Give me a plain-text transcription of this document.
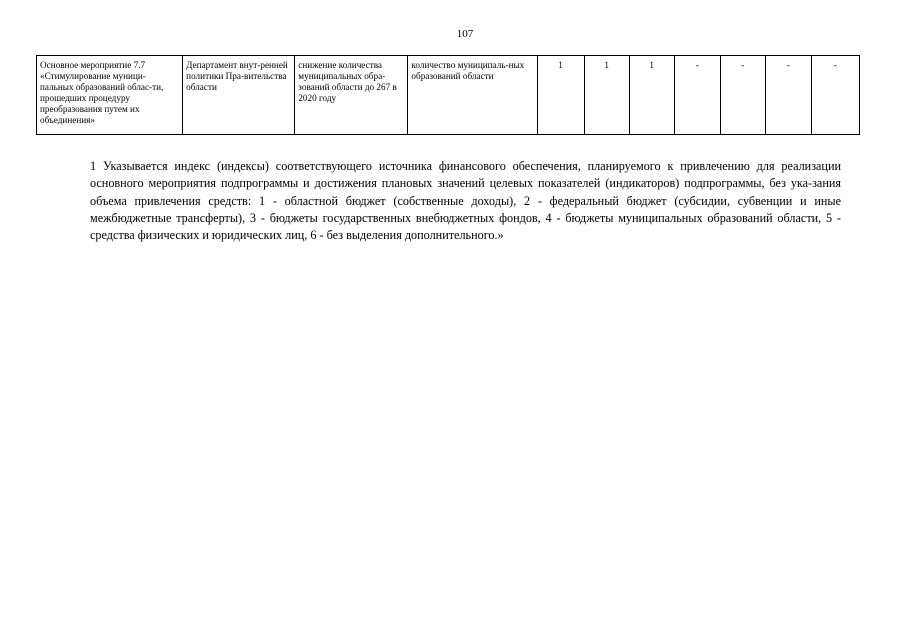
107
Основное мероприятие 7.7 «Стимулирование муници-пальных образований облас-ти, прошедших процедуру преобразования путем их объединения»	Департамент внут-ренней политики Пра-вительства области	снижение количества муниципальных обра-зований области до 267 в 2020 году	количество муниципаль-ных образований области	1	1	1	-	-	-	-
1 Указывается индекс (индексы) соответствующего источника финансового обеспечения, планируемого к привлечению для реализации основного мероприятия подпрограммы и достижения плановых значений целевых показателей (индикаторов) подпрограммы, без ука-зания объема привлечения средств: 1 - областной бюджет (собственные доходы), 2 - федеральный бюджет (субсидии, субвенции и иные межбюджетные трансферты), 3 - бюджеты государственных внебюджетных фондов, 4 - бюджеты муниципальных образований области, 5 - средства физических и юридических лиц, 6 - без выделения дополнительного.»
